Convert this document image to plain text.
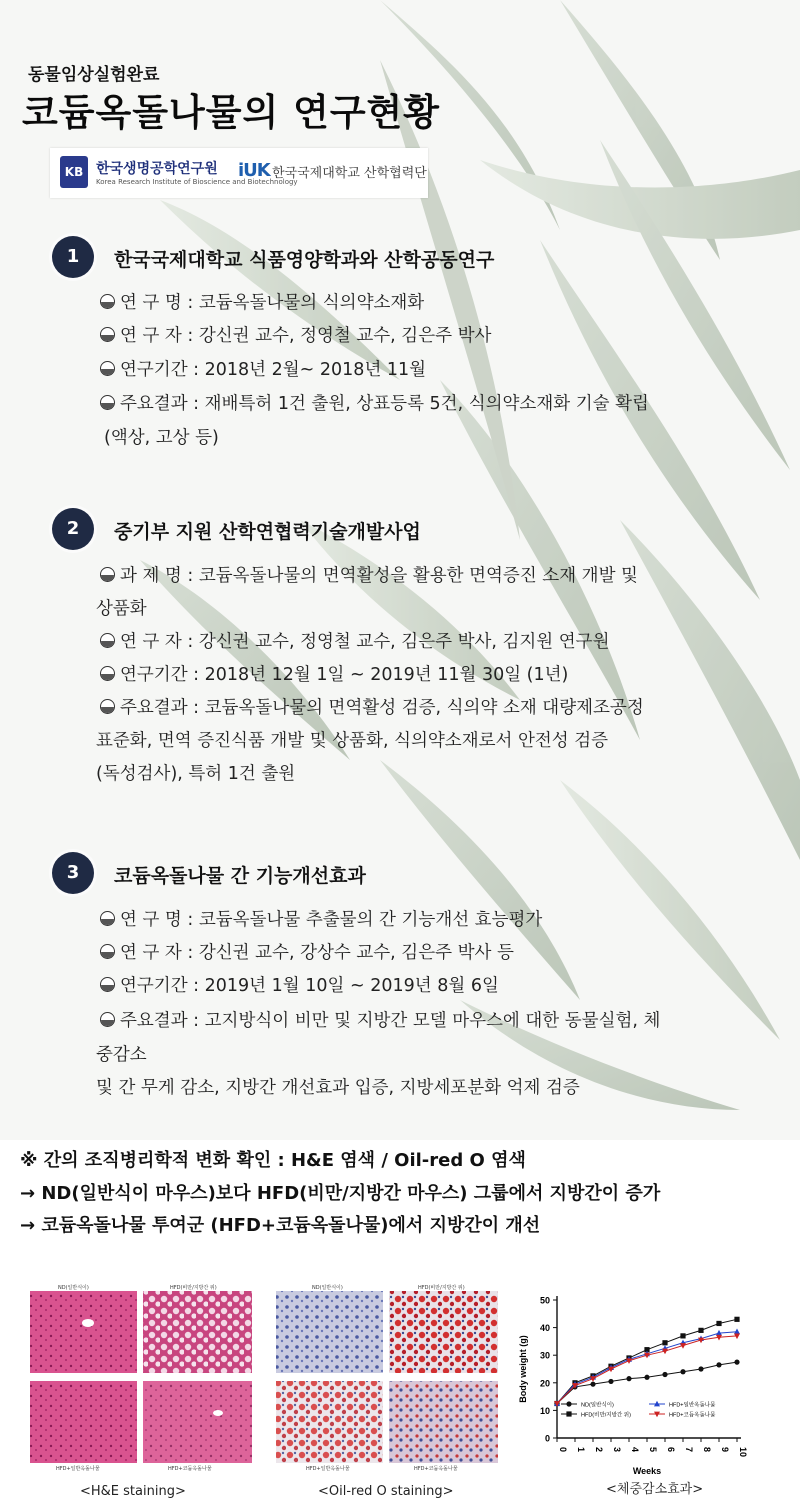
동물임상실험완료
코듐옥돌나물의 연구현황
KB 한국생명공학연구원
Korea Research Institute of Bioscience and Biotechnology
iUK 한국국제대학교 산학협력단
1	한국국제대학교 식품영양학과와 산학공동연구
연 구 명 : 코듐옥돌나물의 식의약소재화
연 구 자 : 강신권 교수, 정영철 교수, 김은주 박사
연구기간 : 2018년 2월~ 2018년 11월
주요결과 : 재배특허 1건 출원, 상표등록 5건, 식의약소재화 기술 확립
(액상, 고상 등)
2	중기부 지원 산학연협력기술개발사업
과 제 명 : 코듐옥돌나물의 면역활성을 활용한 면역증진 소재 개발 및
상품화
연 구 자 : 강신권 교수, 정영철 교수, 김은주 박사, 김지원 연구원
연구기간 : 2018년 12월 1일 ~ 2019년 11월 30일 (1년)
주요결과 : 코듐옥돌나물의 면역활성 검증, 식의약 소재 대량제조공정
표준화, 면역 증진식품 개발 및 상품화, 식의약소재로서 안전성 검증
(독성검사), 특허 1건 출원
3	코듐옥돌나물 간 기능개선효과
연 구 명 : 코듐옥돌나물 추출물의 간 기능개선 효능평가
연 구 자 : 강신권 교수, 강상수 교수, 김은주 박사 등
연구기간 : 2019년 1월 10일 ~ 2019년 8월 6일
주요결과 : 고지방식이 비만 및 지방간 모델 마우스에 대한 동물실험, 체
중감소
및 간 무게 감소, 지방간 개선효과 입증, 지방세포분화 억제 검증
※ 간의 조직병리학적 변화 확인 : H&E 염색 / Oil-red O 염색
→ ND(일반식이 마우스)보다 HFD(비만/지방간 마우스) 그룹에서 지방간이 증가
→ 코듐옥돌나물 투여군 (HFD+코듐옥돌나물)에서 지방간이 개선
ND(일반식이)	HFD(비만/지방간 위)
HFD+일반옥돌나물	HFD+코듐옥돌나물
<H&E staining>
ND(일반식이)	HFD(비만/지방간 위)
HFD+일반옥돌나물	HFD+코듐옥돌나물
<Oil-red O staining>
0
10
20
30
40
50
0 1 2 3 4 5 6 7 8 9 10
Weeks
Body weight (g)
ND(일반식이)
HFD(비만/지방간 위)
HFD+일반옥돌나물
HFD+코듐옥돌나물
<체중감소효과>
